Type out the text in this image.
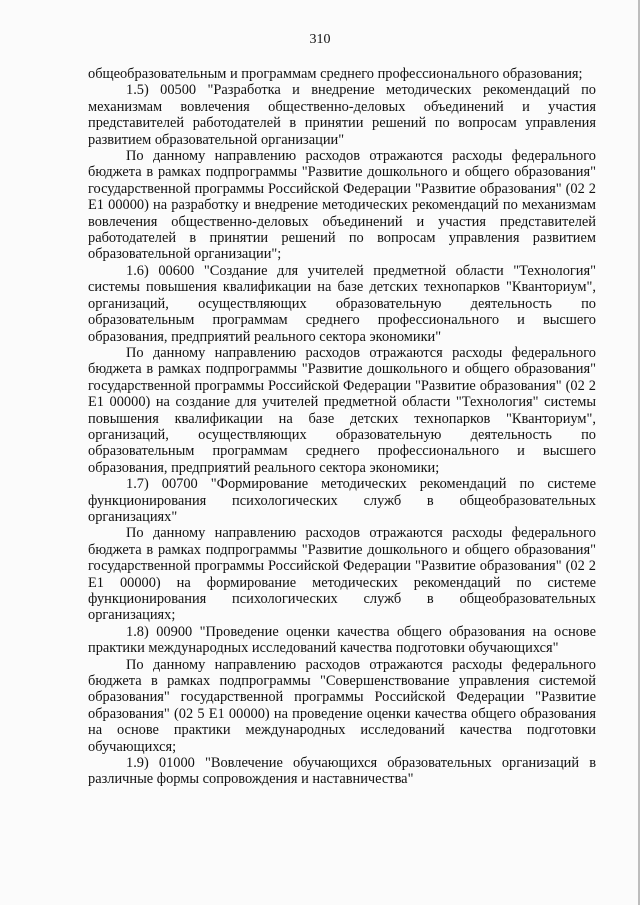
310

общеобразовательным и программам среднего профессионального образования;

1.5) 00500 "Разработка и внедрение методических рекомендаций по механизмам вовлечения общественно-деловых объединений и участия представителей работодателей в принятии решений по вопросам управления развитием образовательной организации"

По данному направлению расходов отражаются расходы федерального бюджета в рамках подпрограммы "Развитие дошкольного и общего образования" государственной программы Российской Федерации "Развитие образования" (02 2 Е1 00000) на разработку и внедрение методических рекомендаций по механизмам вовлечения общественно-деловых объединений и участия представителей работодателей в принятии решений по вопросам управления развитием образовательной организации";

1.6) 00600 "Создание для учителей предметной области "Технология" системы повышения квалификации на базе детских технопарков "Кванториум", организаций, осуществляющих образовательную деятельность по образовательным программам среднего профессионального и высшего образования, предприятий реального сектора экономики"

По данному направлению расходов отражаются расходы федерального бюджета в рамках подпрограммы "Развитие дошкольного и общего образования" государственной программы Российской Федерации "Развитие образования" (02 2 Е1 00000) на создание для учителей предметной области "Технология" системы повышения квалификации на базе детских технопарков "Кванториум", организаций, осуществляющих образовательную деятельность по образовательным программам среднего профессионального и высшего образования, предприятий реального сектора экономики;

1.7) 00700 "Формирование методических рекомендаций по системе функционирования психологических служб в общеобразовательных организациях"

По данному направлению расходов отражаются расходы федерального бюджета в рамках подпрограммы "Развитие дошкольного и общего образования" государственной программы Российской Федерации "Развитие образования" (02 2 Е1 00000) на формирование методических рекомендаций по системе функционирования психологических служб в общеобразовательных организациях;

1.8) 00900 "Проведение оценки качества общего образования на основе практики международных исследований качества подготовки обучающихся"

По данному направлению расходов отражаются расходы федерального бюджета в рамках подпрограммы "Совершенствование управления системой образования" государственной программы Российской Федерации "Развитие образования" (02 5 Е1 00000) на проведение оценки качества общего образования на основе практики международных исследований качества подготовки обучающихся;

1.9) 01000 "Вовлечение обучающихся образовательных организаций в различные формы сопровождения и наставничества"
